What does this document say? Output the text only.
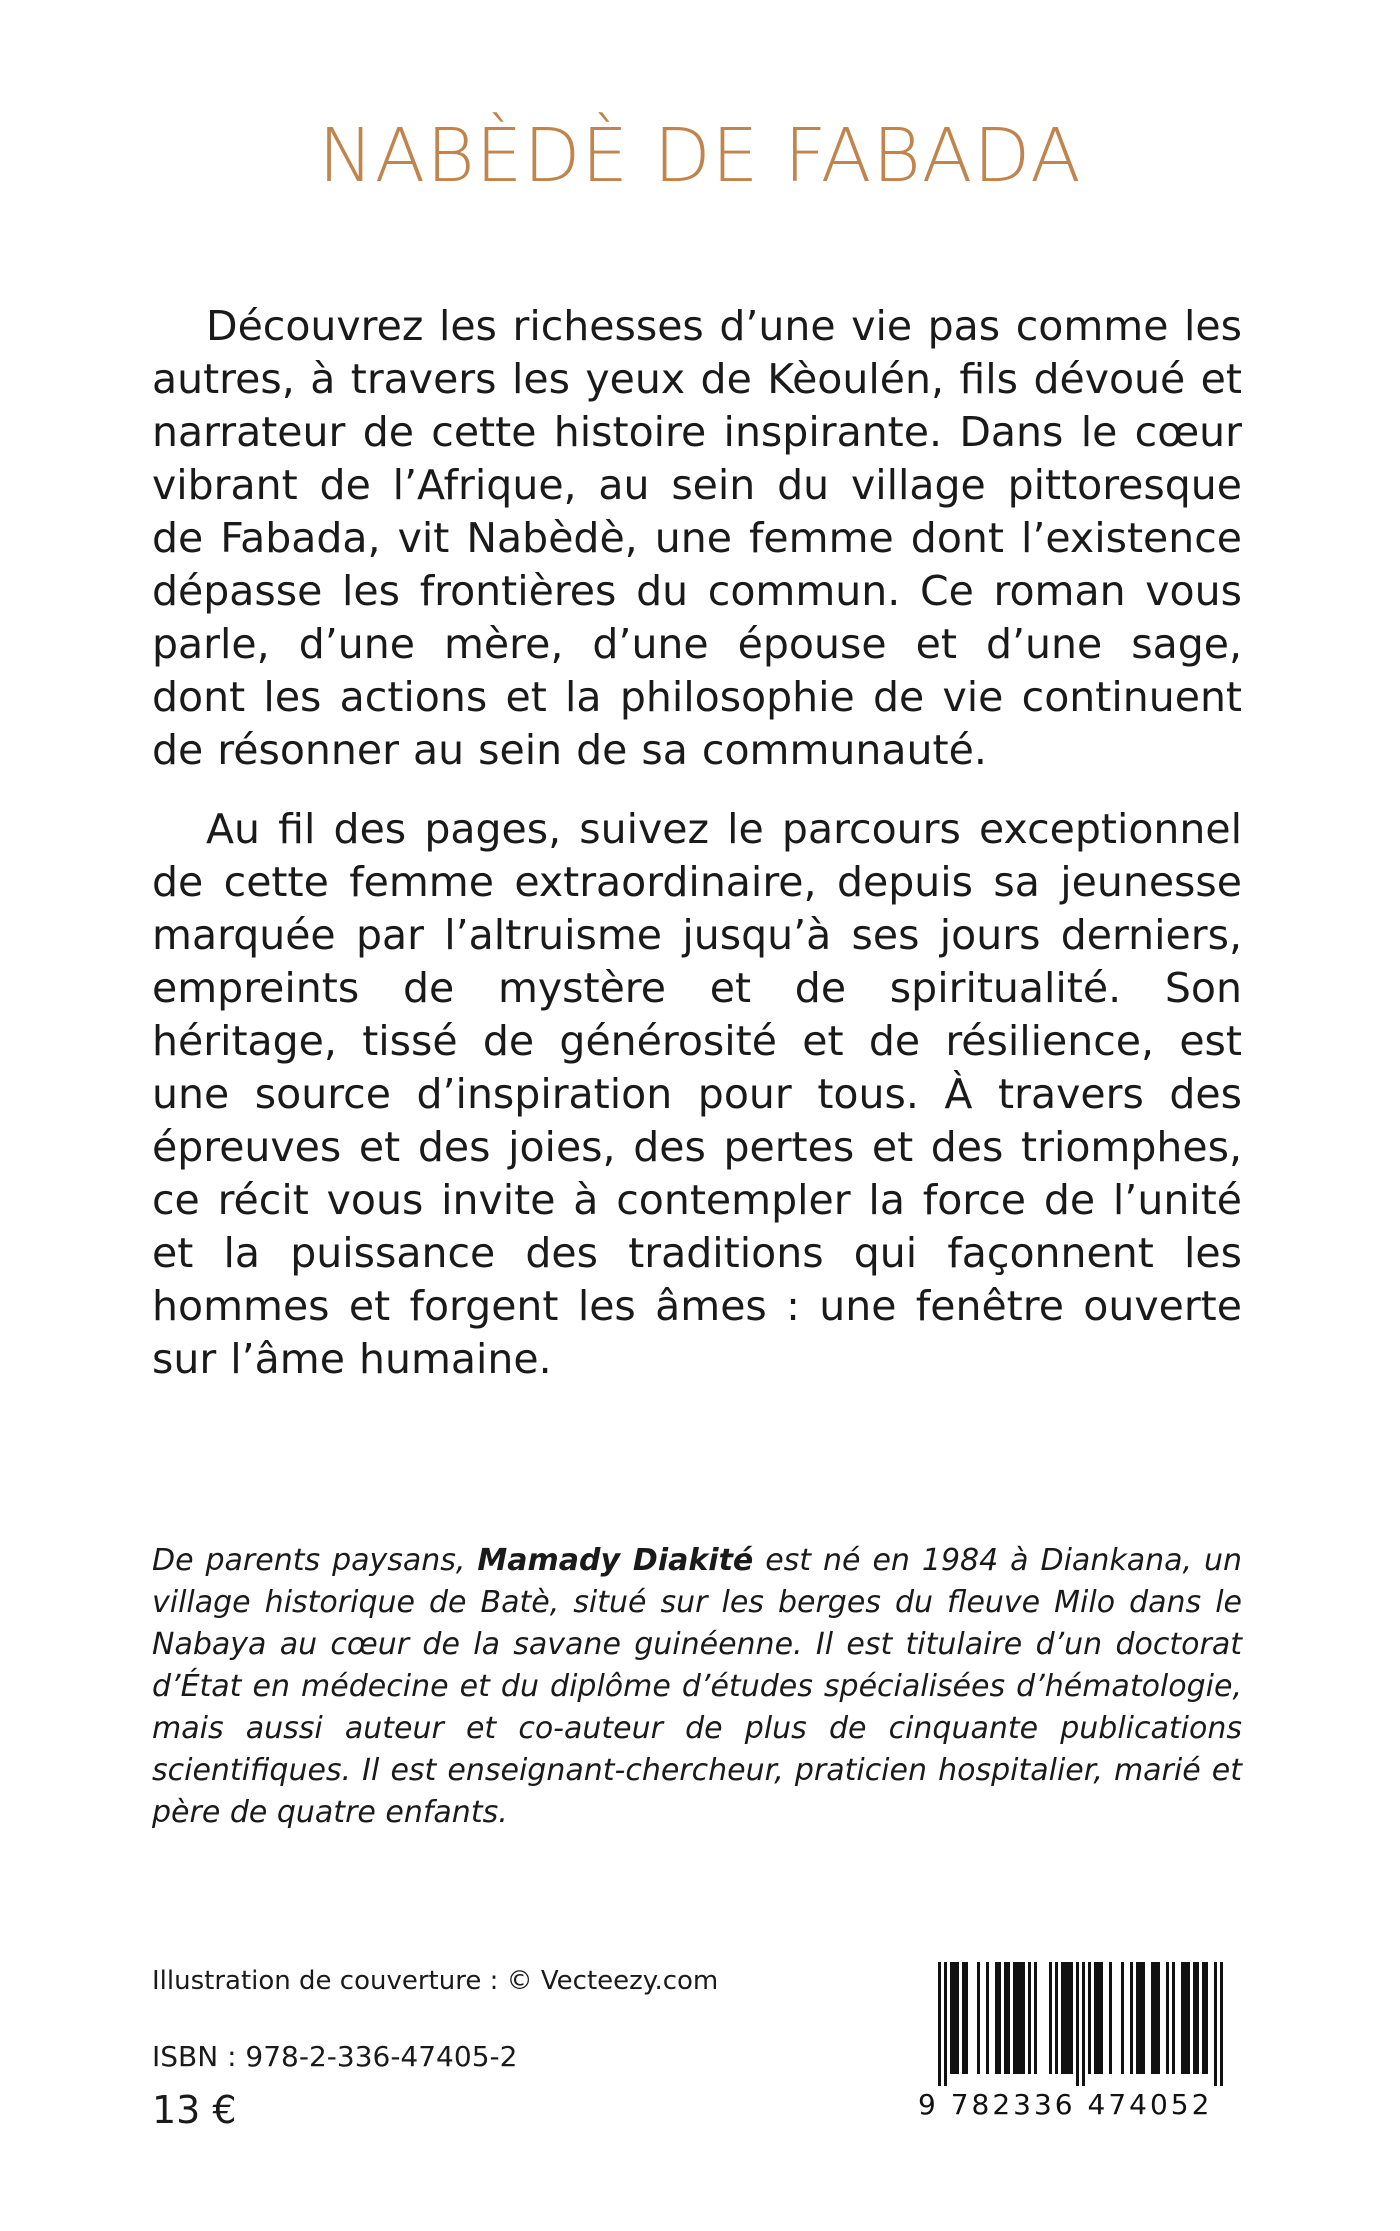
NABÈDÈ DE FABADA

Découvrez les richesses d’une vie pas comme les autres, à travers les yeux de Kèoulén, fils dévoué et narrateur de cette histoire inspirante. Dans le cœur vibrant de l’Afrique, au sein du village pittoresque de Fabada, vit Nabèdè, une femme dont l’existence dépasse les frontières du commun. Ce roman vous parle, d’une mère, d’une épouse et d’une sage, dont les actions et la philosophie de vie continuent de résonner au sein de sa communauté.

Au fil des pages, suivez le parcours exceptionnel de cette femme extraordinaire, depuis sa jeunesse marquée par l’altruisme jusqu’à ses jours derniers, empreints de mystère et de spiritualité. Son héritage, tissé de générosité et de résilience, est une source d’inspiration pour tous. À travers des épreuves et des joies, des pertes et des triomphes, ce récit vous invite à contempler la force de l’unité et la puissance des traditions qui façonnent les hommes et forgent les âmes : une fenêtre ouverte sur l’âme humaine.

De parents paysans, Mamady Diakité est né en 1984 à Diankana, un village historique de Batè, situé sur les berges du fleuve Milo dans le Nabaya au cœur de la savane guinéenne. Il est titulaire d’un doctorat d’État en médecine et du diplôme d’études spécialisées d’hématologie, mais aussi auteur et co-auteur de plus de cinquante publications scientifiques. Il est enseignant-chercheur, praticien hospitalier, marié et père de quatre enfants.

Illustration de couverture : © Vecteezy.com
ISBN : 978-2-336-47405-2
13 €	9 782336 474052
